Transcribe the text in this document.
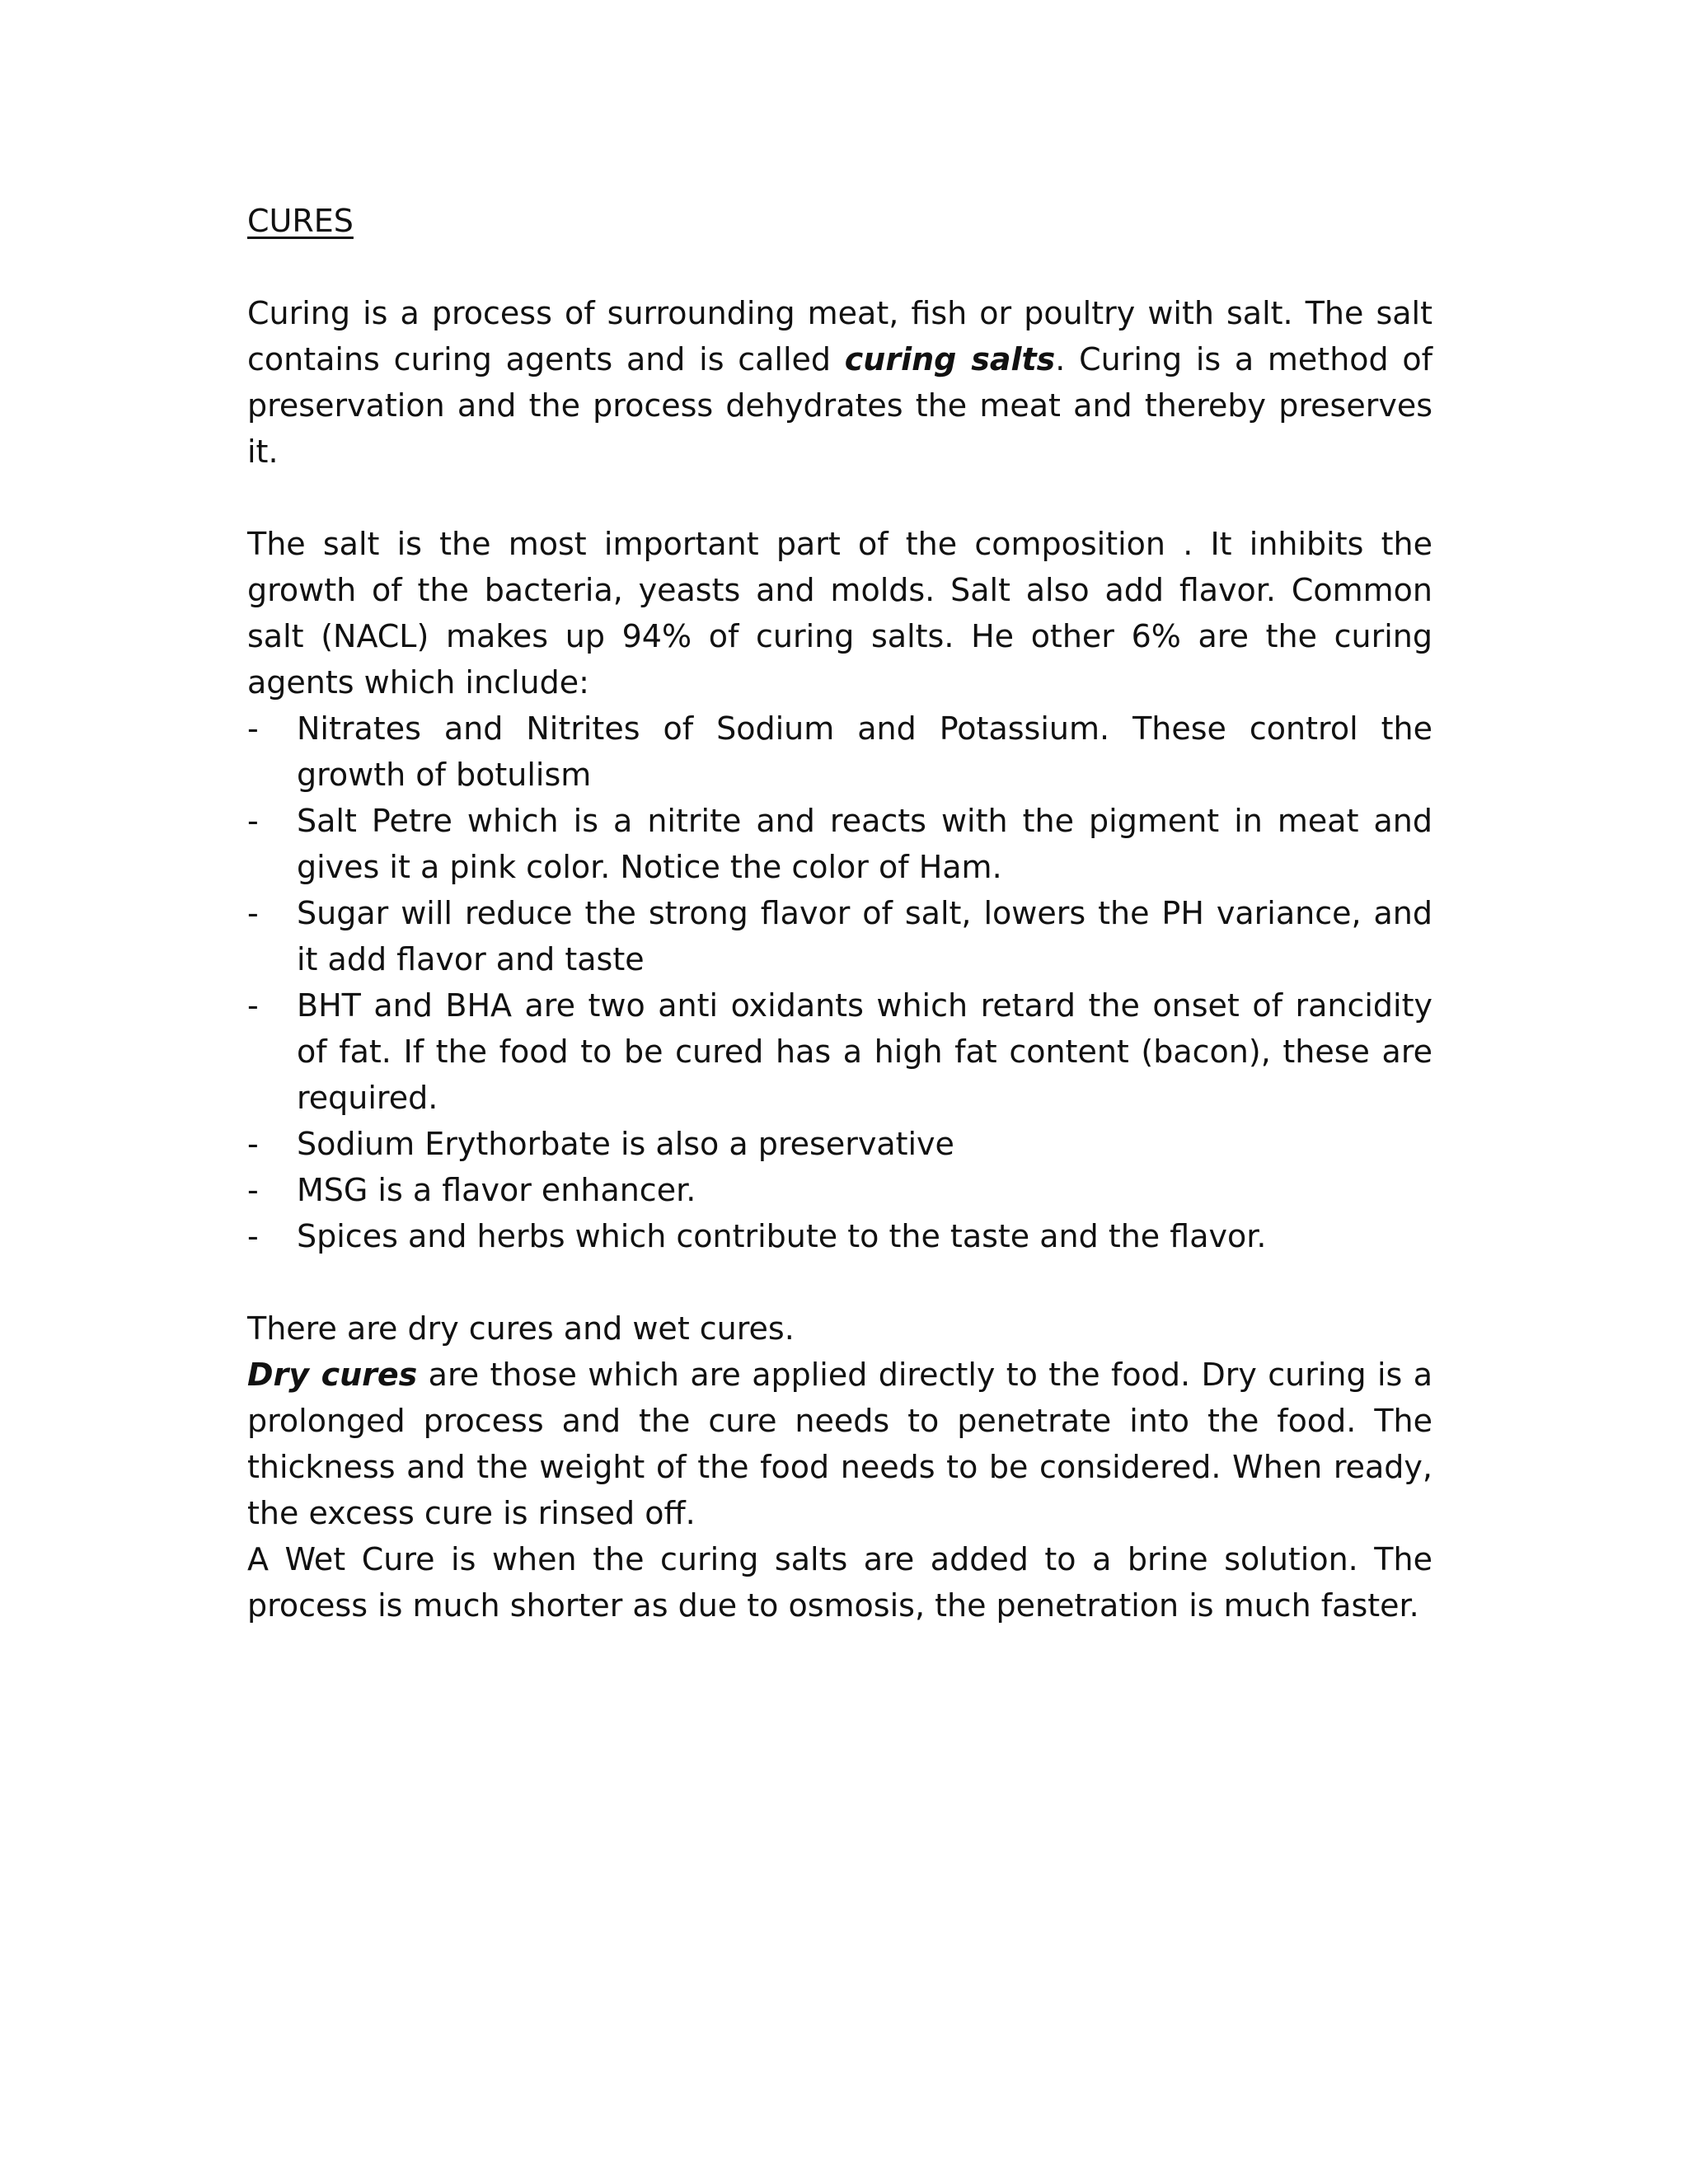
CURES

Curing is a process of surrounding meat, fish or poultry with salt. The salt contains curing agents and is called curing salts. Curing is a method of preservation and the process dehydrates the meat and thereby preserves it.

The salt is the most important part of the composition . It inhibits the growth of the bacteria, yeasts and molds. Salt also add flavor. Common salt (NACL) makes up 94% of curing salts. He other 6% are the curing agents which include:

- Nitrates and Nitrites of Sodium and Potassium. These control the growth of botulism
- Salt Petre which is a nitrite and reacts with the pigment in meat and gives it a pink color. Notice the color of Ham.
- Sugar will reduce the strong flavor of salt, lowers the PH variance, and it add flavor and taste
- BHT and BHA are two anti oxidants which retard the onset of rancidity of fat. If the food to be cured has a high fat content (bacon), these are required.
- Sodium Erythorbate is also a preservative
- MSG is a flavor enhancer.
- Spices and herbs which contribute to the taste and the flavor.

There are dry cures and wet cures.

Dry cures are those which are applied directly to the food. Dry curing is a prolonged process and the cure needs to penetrate into the food. The thickness and the weight of the food needs to be considered. When ready, the excess cure is rinsed off.

A Wet Cure is when the curing salts are added to a brine solution. The process is much shorter as due to osmosis, the penetration is much faster.
